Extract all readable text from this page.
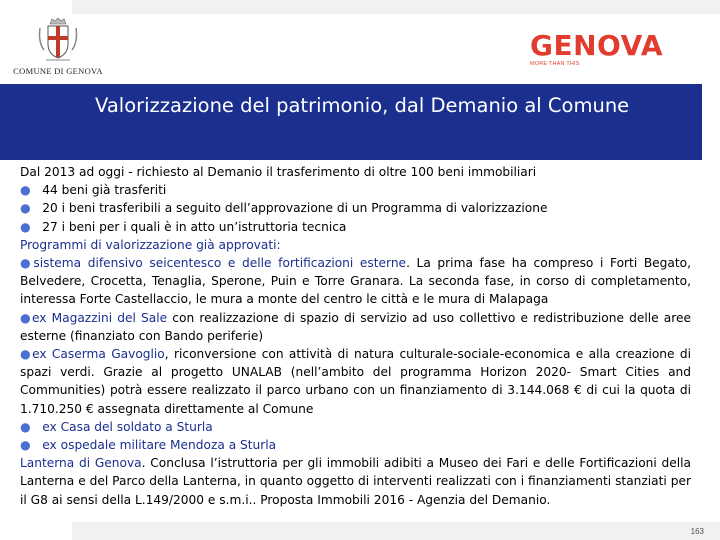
COMUNE DI GENOVA
GENOVA
MORE THAN THIS
Valorizzazione del patrimonio, dal Demanio al Comune

Dal 2013 ad oggi - richiesto al Demanio il trasferimento di oltre 100 beni immobiliari

● 44 beni già trasferiti

● 20 i beni trasferibili a seguito dell’approvazione di un Programma di valorizzazione

● 27 i beni per i quali è in atto un’istruttoria tecnica

Programmi di valorizzazione già approvati:

●sistema difensivo seicentesco e delle fortificazioni esterne. La prima fase ha compreso i Forti Begato, Belvedere, Crocetta, Tenaglia, Sperone, Puin e Torre Granara. La seconda fase, in corso di completamento, interessa Forte Castellaccio, le mura a monte del centro le città e le mura di Malapaga

●ex Magazzini del Sale con realizzazione di spazio di servizio ad uso collettivo e redistribuzione delle aree esterne (finanziato con Bando periferie)

●ex Caserma Gavoglio, riconversione con attività di natura culturale-sociale-economica e alla creazione di spazi verdi. Grazie al progetto UNALAB (nell’ambito del programma Horizon 2020- Smart Cities and Communities) potrà essere realizzato il parco urbano con un finanziamento di 3.144.068 € di cui la quota di 1.710.250 € assegnata direttamente al Comune

● ex Casa del soldato a Sturla

● ex ospedale militare Mendoza a Sturla

Lanterna di Genova. Conclusa l’istruttoria per gli immobili adibiti a Museo dei Fari e delle Fortificazioni della Lanterna e del Parco della Lanterna, in quanto oggetto di interventi realizzati con i finanziamenti stanziati per il G8 ai sensi della L.149/2000 e s.m.i.. Proposta Immobili 2016 - Agenzia del Demanio.

163
